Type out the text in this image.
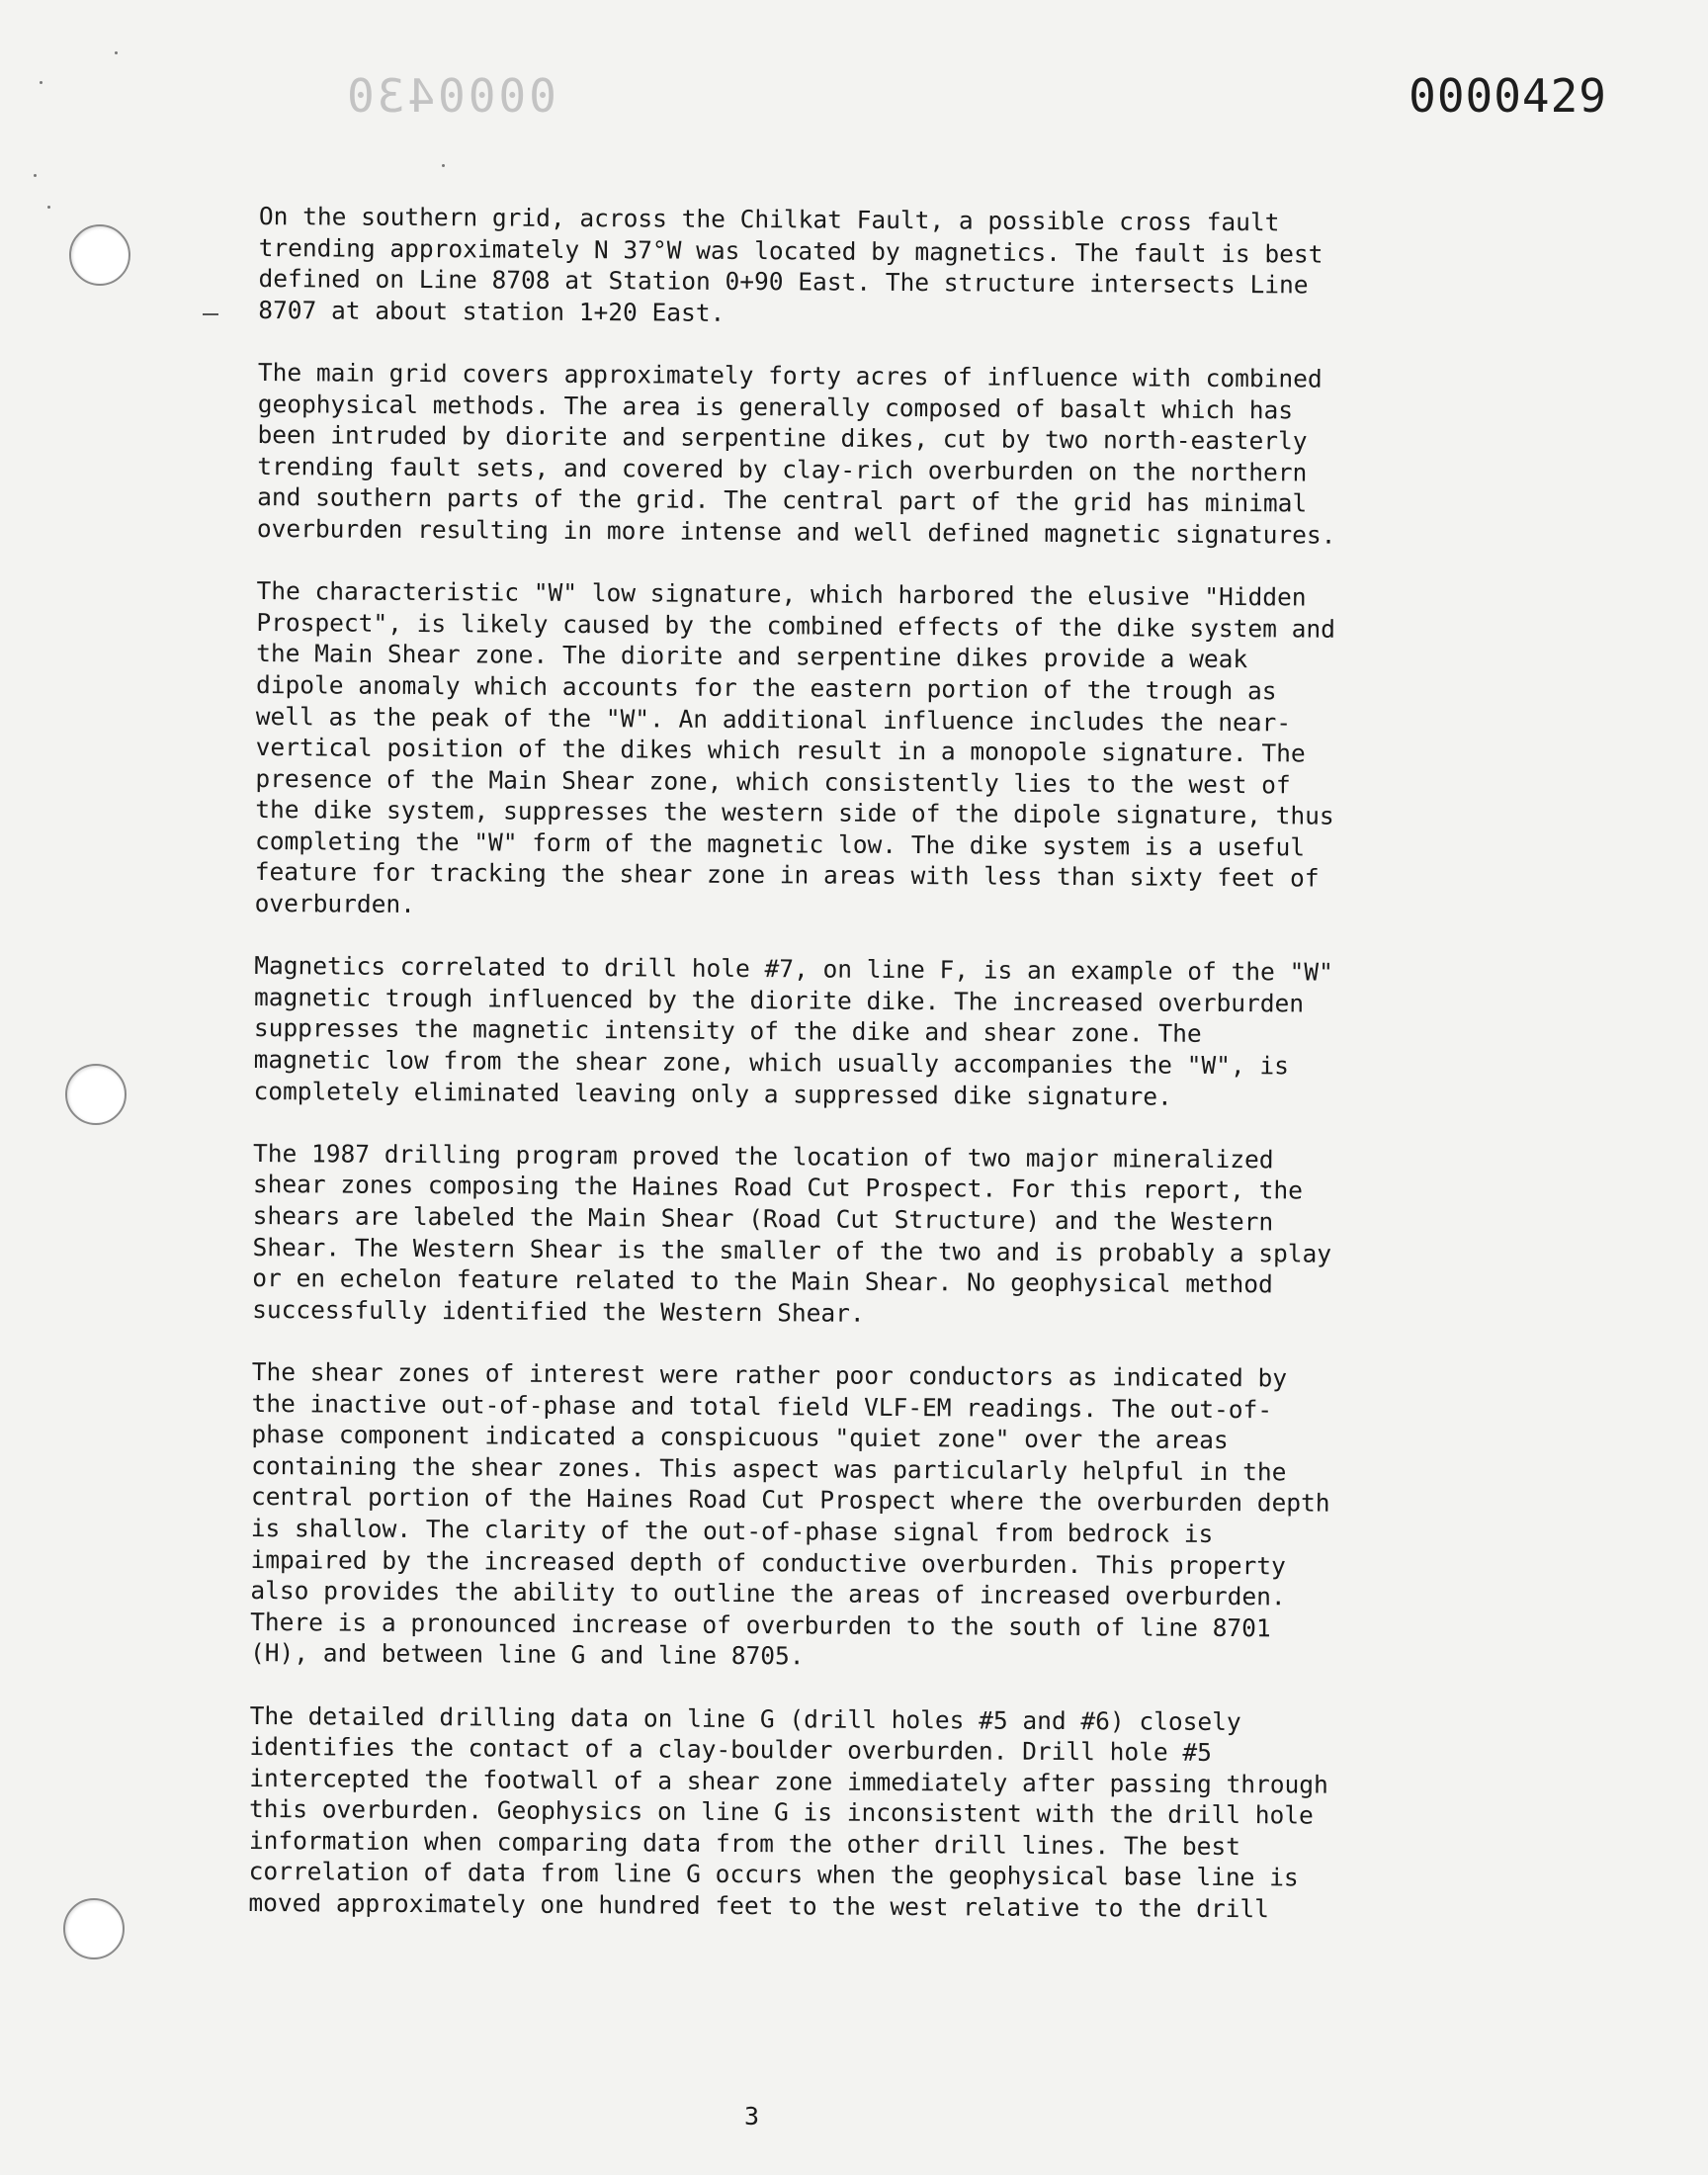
0000430	0000429

On the southern grid, across the Chilkat Fault, a possible cross fault
trending approximately N 37°W was located by magnetics. The fault is best
defined on Line 8708 at Station 0+90 East. The structure intersects Line
8707 at about station 1+20 East.

The main grid covers approximately forty acres of influence with combined
geophysical methods. The area is generally composed of basalt which has
been intruded by diorite and serpentine dikes, cut by two north-easterly
trending fault sets, and covered by clay-rich overburden on the northern
and southern parts of the grid. The central part of the grid has minimal
overburden resulting in more intense and well defined magnetic signatures.

The characteristic "W" low signature, which harbored the elusive "Hidden
Prospect", is likely caused by the combined effects of the dike system and
the Main Shear zone. The diorite and serpentine dikes provide a weak
dipole anomaly which accounts for the eastern portion of the trough as
well as the peak of the "W". An additional influence includes the near-
vertical position of the dikes which result in a monopole signature. The
presence of the Main Shear zone, which consistently lies to the west of
the dike system, suppresses the western side of the dipole signature, thus
completing the "W" form of the magnetic low. The dike system is a useful
feature for tracking the shear zone in areas with less than sixty feet of
overburden.

Magnetics correlated to drill hole #7, on line F, is an example of the "W"
magnetic trough influenced by the diorite dike. The increased overburden
suppresses the magnetic intensity of the dike and shear zone. The
magnetic low from the shear zone, which usually accompanies the "W", is
completely eliminated leaving only a suppressed dike signature.

The 1987 drilling program proved the location of two major mineralized
shear zones composing the Haines Road Cut Prospect. For this report, the
shears are labeled the Main Shear (Road Cut Structure) and the Western
Shear. The Western Shear is the smaller of the two and is probably a splay
or en echelon feature related to the Main Shear. No geophysical method
successfully identified the Western Shear.

The shear zones of interest were rather poor conductors as indicated by
the inactive out-of-phase and total field VLF-EM readings. The out-of-
phase component indicated a conspicuous "quiet zone" over the areas
containing the shear zones. This aspect was particularly helpful in the
central portion of the Haines Road Cut Prospect where the overburden depth
is shallow. The clarity of the out-of-phase signal from bedrock is
impaired by the increased depth of conductive overburden. This property
also provides the ability to outline the areas of increased overburden.
There is a pronounced increase of overburden to the south of line 8701
(H), and between line G and line 8705.

The detailed drilling data on line G (drill holes #5 and #6) closely
identifies the contact of a clay-boulder overburden. Drill hole #5
intercepted the footwall of a shear zone immediately after passing through
this overburden. Geophysics on line G is inconsistent with the drill hole
information when comparing data from the other drill lines. The best
correlation of data from line G occurs when the geophysical base line is
moved approximately one hundred feet to the west relative to the drill

3
